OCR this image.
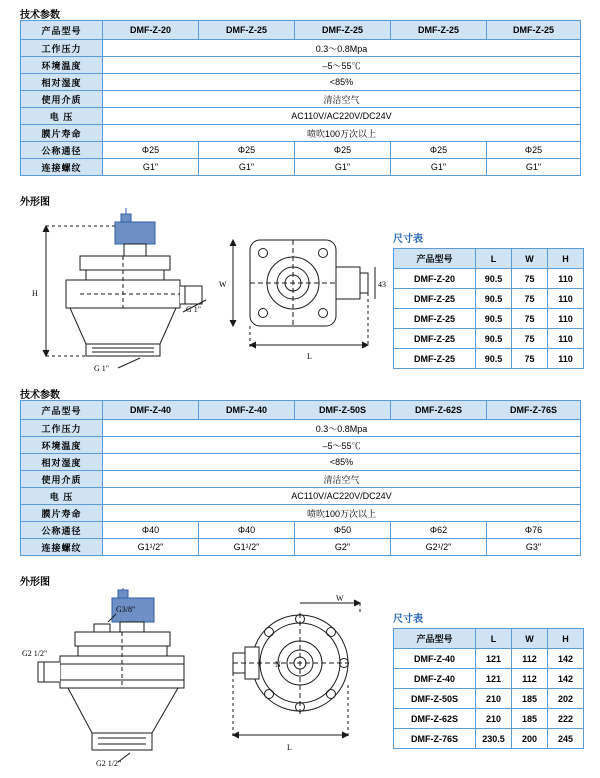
技术参数
产品型号	DMF-Z-20	DMF-Z-25	DMF-Z-25	DMF-Z-25	DMF-Z-25
工作压力	0.3～0.8Mpa				
环境温度	–5～55℃				
相对湿度	<85%				
使用介质	清洁空气				
电 压	AC110V/AC220V/DC24V				
膜片寿命	喷吹100万次以上				
公称通径	Φ25	Φ25	Φ25	Φ25	Φ25
连接螺纹	G1"	G1"	G1"	G1"	G1"
外形图
H
G 1"
G 1"
W
L
43
尺寸表
产品型号	L	W	H
DMF-Z-20	90.5	75	110
DMF-Z-25	90.5	75	110
DMF-Z-25	90.5	75	110
DMF-Z-25	90.5	75	110
DMF-Z-25	90.5	75	110
技术参数
产品型号	DMF-Z-40	DMF-Z-40	DMF-Z-50S	DMF-Z-62S	DMF-Z-76S
工作压力	0.3～0.8Mpa				
环境温度	–5～55℃				
相对湿度	<85%				
使用介质	清洁空气				
电 压	AC110V/AC220V/DC24V				
膜片寿命	喷吹100万次以上				
公称通径	Φ40	Φ40	Φ50	Φ62	Φ76
连接螺纹	G1¹/2"	G1¹/2"	G2"	G2¹/2"	G3"
外形图
G2 1/2"
G3/8"
G2 1/2"
W
L
N
尺寸表
产品型号	L	W	H
DMF-Z-40	121	112	142
DMF-Z-40	121	112	142
DMF-Z-50S	210	185	202
DMF-Z-62S	210	185	222
DMF-Z-76S	230.5	200	245
